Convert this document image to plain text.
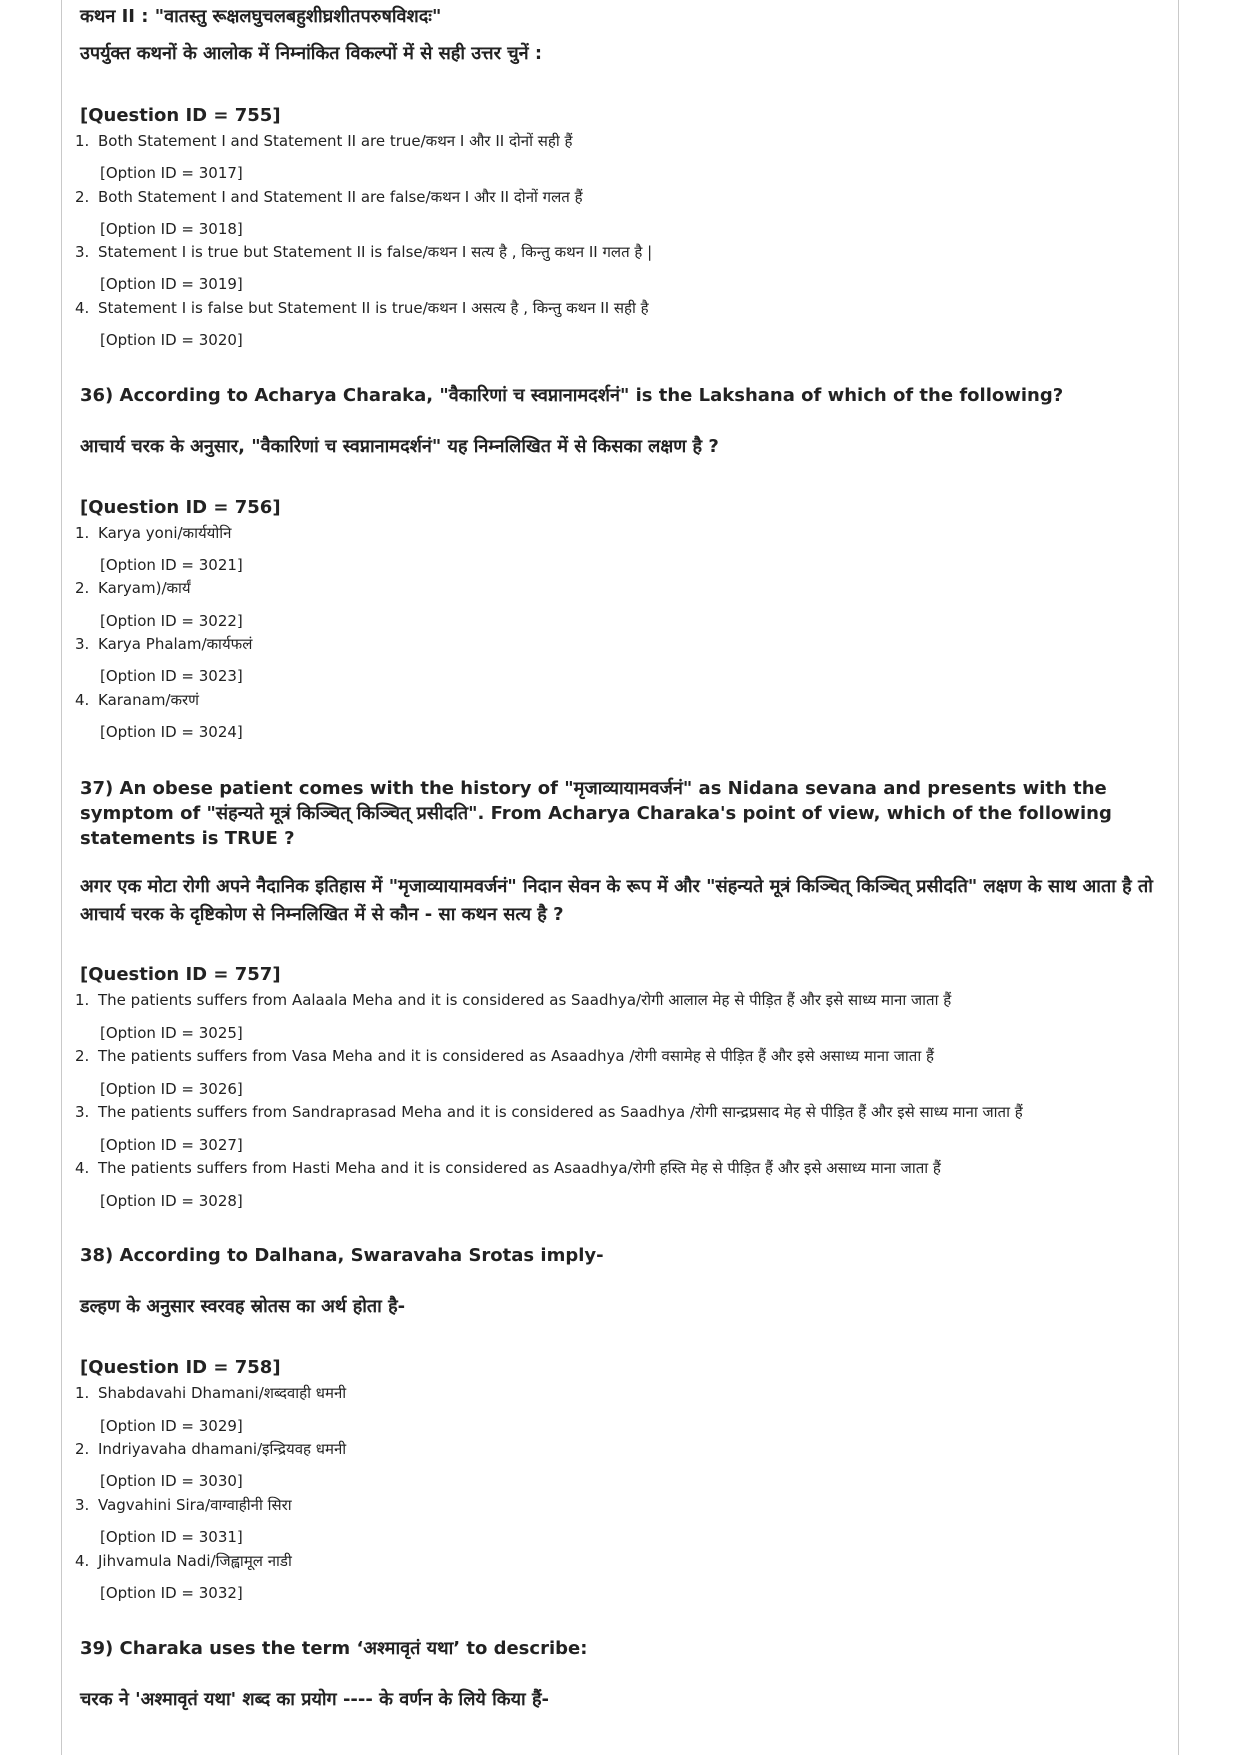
कथन II : "वातस्तु रूक्षलघुचलबहुशीघ्रशीतपरुषविशदः"
उपर्युक्त कथनों के आलोक में निम्नांकित विकल्पों में से सही उत्तर चुनें :
[Question ID = 755]
1. Both Statement I and Statement II are true/कथन I और II दोनों सही हैं
[Option ID = 3017]
2. Both Statement I and Statement II are false/कथन I और II दोनों गलत हैं
[Option ID = 3018]
3. Statement I is true but Statement II is false/कथन I सत्य है , किन्तु कथन II गलत है |
[Option ID = 3019]
4. Statement I is false but Statement II is true/कथन I असत्य है , किन्तु कथन II सही है
[Option ID = 3020]
36) According to Acharya Charaka, "वैकारिणां च स्वप्नानामदर्शनं" is the Lakshana of which of the following?
आचार्य चरक के अनुसार, "वैकारिणां च स्वप्नानामदर्शनं" यह निम्नलिखित में से किसका लक्षण है ?
[Question ID = 756]
1. Karya yoni/कार्ययोनि
[Option ID = 3021]
2. Karyam)/कार्यं
[Option ID = 3022]
3. Karya Phalam/कार्यफलं
[Option ID = 3023]
4. Karanam/करणं
[Option ID = 3024]
37) An obese patient comes with the history of "मृजाव्यायामवर्जनं" as Nidana sevana and presents with the symptom of "संहन्यते मूत्रं किञ्चित् किञ्चित् प्रसीदति". From Acharya Charaka's point of view, which of the following statements is TRUE ?
अगर एक मोटा रोगी अपने नैदानिक इतिहास में "मृजाव्यायामवर्जनं" निदान सेवन के रूप में और "संहन्यते मूत्रं किञ्चित् किञ्चित् प्रसीदति" लक्षण के साथ आता है तो आचार्य चरक के दृष्टिकोण से निम्नलिखित में से कौन - सा कथन सत्य है ?
[Question ID = 757]
1. The patients suffers from Aalaala Meha and it is considered as Saadhya/रोगी आलाल मेह से पीड़ित हैं और इसे साध्य माना जाता हैं
[Option ID = 3025]
2. The patients suffers from Vasa Meha and it is considered as Asaadhya /रोगी वसामेह से पीड़ित हैं और इसे असाध्य माना जाता हैं
[Option ID = 3026]
3. The patients suffers from Sandraprasad Meha and it is considered as Saadhya /रोगी सान्द्रप्रसाद मेह से पीड़ित हैं और इसे साध्य माना जाता हैं
[Option ID = 3027]
4. The patients suffers from Hasti Meha and it is considered as Asaadhya/रोगी हस्ति मेह से पीड़ित हैं और इसे असाध्य माना जाता हैं
[Option ID = 3028]
38) According to Dalhana, Swaravaha Srotas imply-
डल्हण के अनुसार स्वरवह स्रोतस का अर्थ होता है-
[Question ID = 758]
1. Shabdavahi Dhamani/शब्दवाही धमनी
[Option ID = 3029]
2. Indriyavaha dhamani/इन्द्रियवह धमनी
[Option ID = 3030]
3. Vagvahini Sira/वाग्वाहीनी सिरा
[Option ID = 3031]
4. Jihvamula Nadi/जिह्वामूल नाडी
[Option ID = 3032]
39) Charaka uses the term ‘अश्मावृतं यथा’ to describe:
चरक ने 'अश्मावृतं यथा' शब्द का प्रयोग ---- के वर्णन के लिये किया हैं-
